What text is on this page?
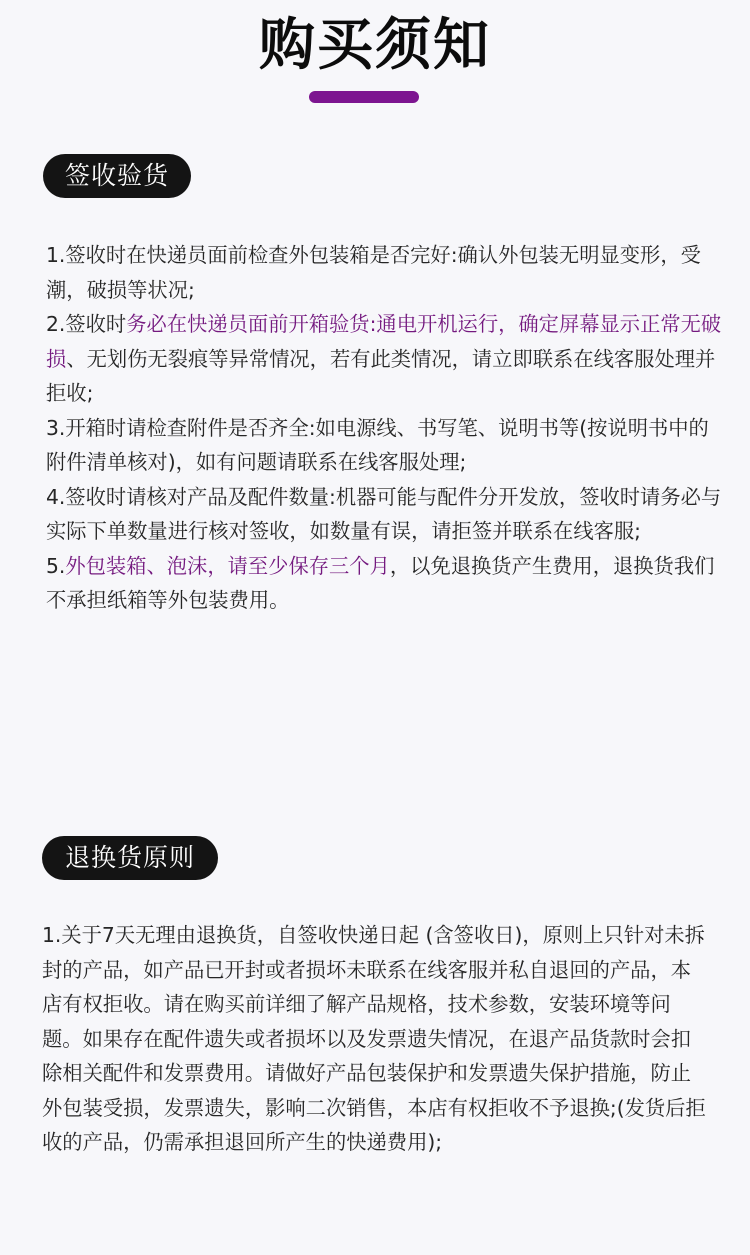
购买须知
签收验货
1.签收时在快递员面前检查外包装箱是否完好:确认外包装无明显变形，受潮，破损等状况;
2.签收时务必在快递员面前开箱验货:通电开机运行，确定屏幕显示正常无破损、无划伤无裂痕等异常情况，若有此类情况，请立即联系在线客服处理并拒收;
3.开箱时请检查附件是否齐全:如电源线、书写笔、说明书等(按说明书中的附件清单核对)，如有问题请联系在线客服处理;
4.签收时请核对产品及配件数量:机器可能与配件分开发放，签收时请务必与实际下单数量进行核对签收，如数量有误，请拒签并联系在线客服;
5.外包装箱、泡沫，请至少保存三个月，以免退换货产生费用，退换货我们不承担纸箱等外包装费用。
退换货原则
1.关于7天无理由退换货，自签收快递日起 (含签收日)，原则上只针对未拆封的产品，如产品已开封或者损坏未联系在线客服并私自退回的产品，本店有权拒收。请在购买前详细了解产品规格，技术参数，安装环境等问题。如果存在配件遗失或者损坏以及发票遗失情况，在退产品货款时会扣除相关配件和发票费用。请做好产品包装保护和发票遗失保护措施，防止外包装受损，发票遗失，影响二次销售，本店有权拒收不予退换;(发货后拒收的产品，仍需承担退回所产生的快递费用);
